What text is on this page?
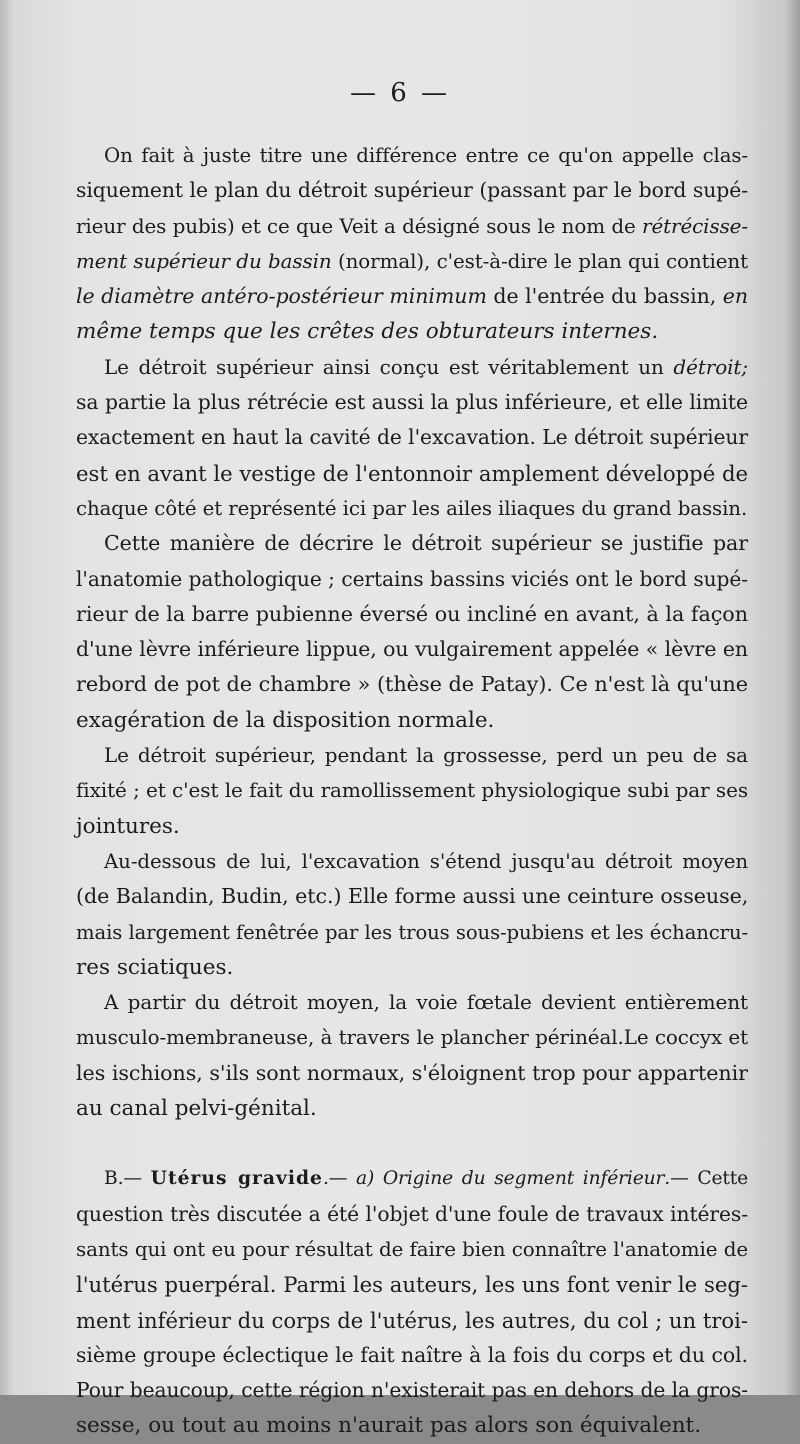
— 6 —
On fait à juste titre une différence entre ce qu'on appelle clas-
siquement le plan du détroit supérieur (passant par le bord supé-
rieur des pubis) et ce que Veit a désigné sous le nom de rétrécisse-
ment supérieur du bassin (normal), c'est-à-dire le plan qui contient
le diamètre antéro-postérieur minimum de l'entrée du bassin, en
même temps que les crêtes des obturateurs internes.
Le détroit supérieur ainsi conçu est véritablement un détroit;
sa partie la plus rétrécie est aussi la plus inférieure, et elle limite
exactement en haut la cavité de l'excavation. Le détroit supérieur
est en avant le vestige de l'entonnoir amplement développé de
chaque côté et représenté ici par les ailes iliaques du grand bassin.
Cette manière de décrire le détroit supérieur se justifie par
l'anatomie pathologique ; certains bassins viciés ont le bord supé-
rieur de la barre pubienne éversé ou incliné en avant, à la façon
d'une lèvre inférieure lippue, ou vulgairement appelée « lèvre en
rebord de pot de chambre » (thèse de Patay). Ce n'est là qu'une
exagération de la disposition normale.
Le détroit supérieur, pendant la grossesse, perd un peu de sa
fixité ; et c'est le fait du ramollissement physiologique subi par ses
jointures.
Au-dessous de lui, l'excavation s'étend jusqu'au détroit moyen
(de Balandin, Budin, etc.) Elle forme aussi une ceinture osseuse,
mais largement fenêtrée par les trous sous-pubiens et les échancru-
res sciatiques.
A partir du détroit moyen, la voie fœtale devient entièrement
musculo-membraneuse, à travers le plancher périnéal.Le coccyx et
les ischions, s'ils sont normaux, s'éloignent trop pour appartenir
au canal pelvi-génital.
B.— Utérus gravide.— a) Origine du segment inférieur.— Cette
question très discutée a été l'objet d'une foule de travaux intéres-
sants qui ont eu pour résultat de faire bien connaître l'anatomie de
l'utérus puerpéral. Parmi les auteurs, les uns font venir le seg-
ment inférieur du corps de l'utérus, les autres, du col ; un troi-
sième groupe éclectique le fait naître à la fois du corps et du col.
Pour beaucoup, cette région n'existerait pas en dehors de la gros-
sesse, ou tout au moins n'aurait pas alors son équivalent.
